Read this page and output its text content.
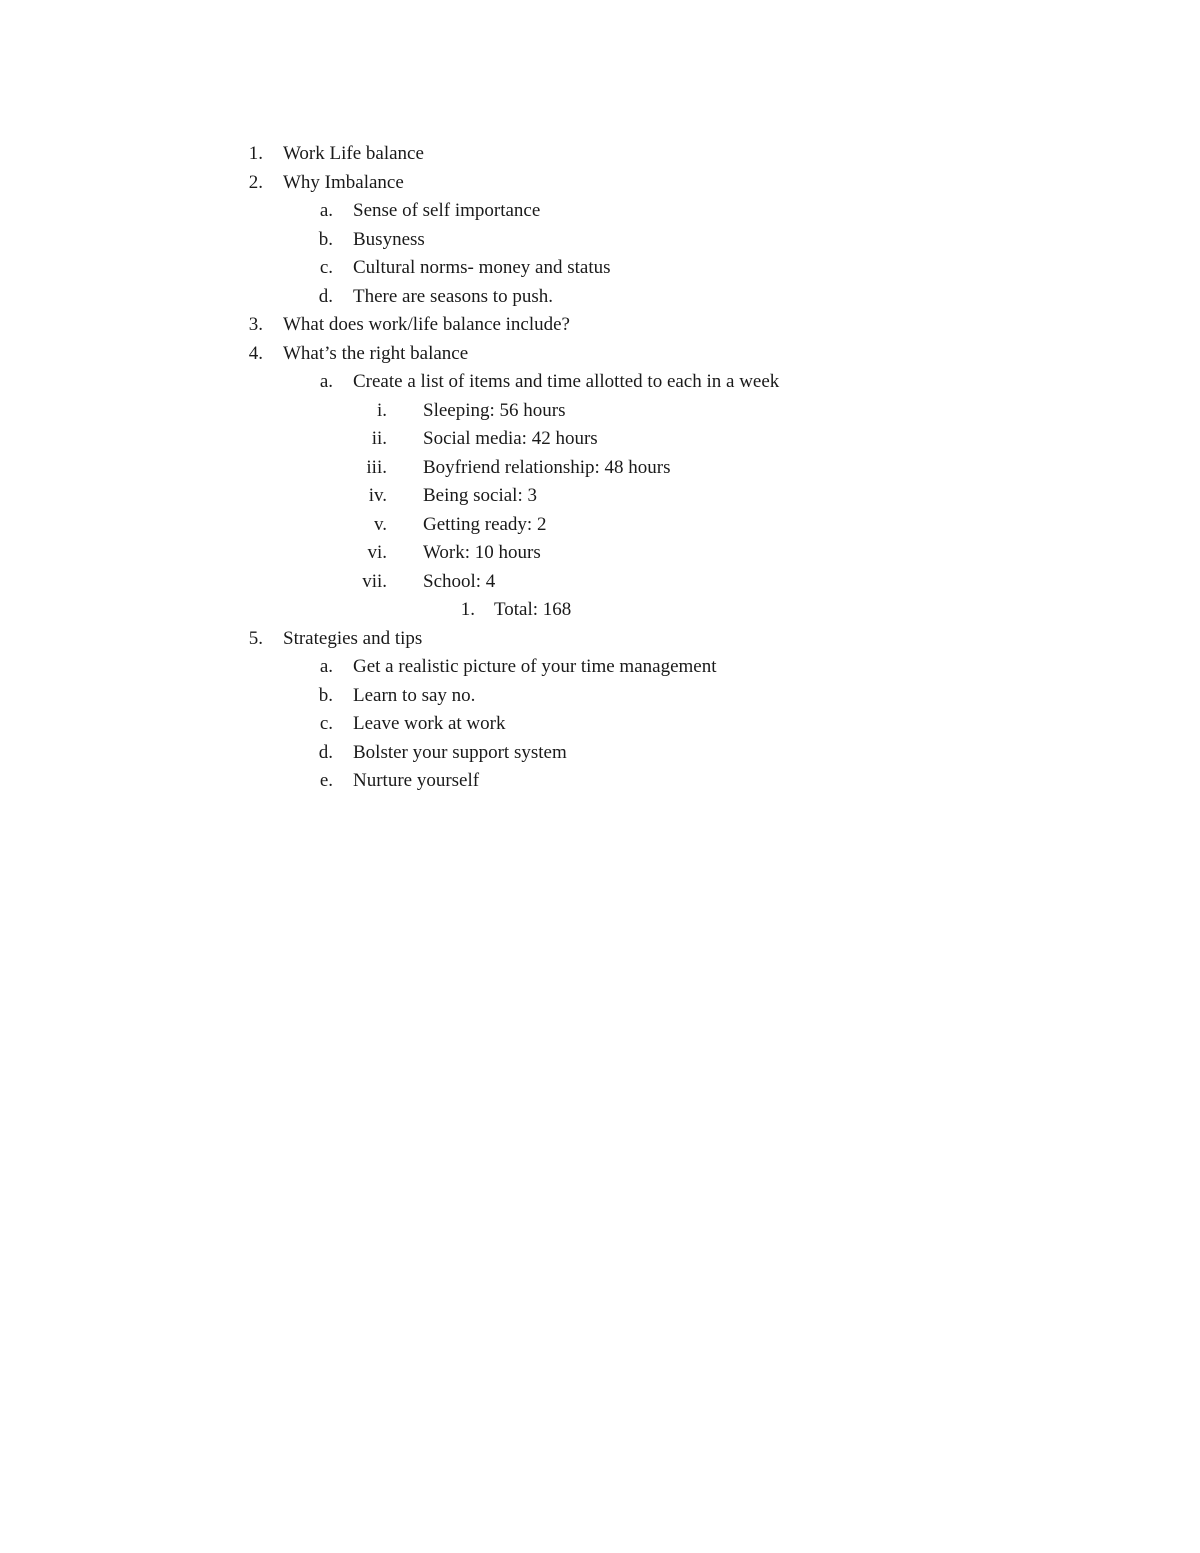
1. Work Life balance
2. Why Imbalance
a. Sense of self importance
b. Busyness
c. Cultural norms- money and status
d. There are seasons to push.
3. What does work/life balance include?
4. What’s the right balance
a. Create a list of items and time allotted to each in a week
i. Sleeping: 56 hours
ii. Social media: 42 hours
iii. Boyfriend relationship: 48 hours
iv. Being social: 3
v. Getting ready: 2
vi. Work: 10 hours
vii. School: 4
1. Total: 168
5. Strategies and tips
a. Get a realistic picture of your time management
b. Learn to say no.
c. Leave work at work
d. Bolster your support system
e. Nurture yourself
